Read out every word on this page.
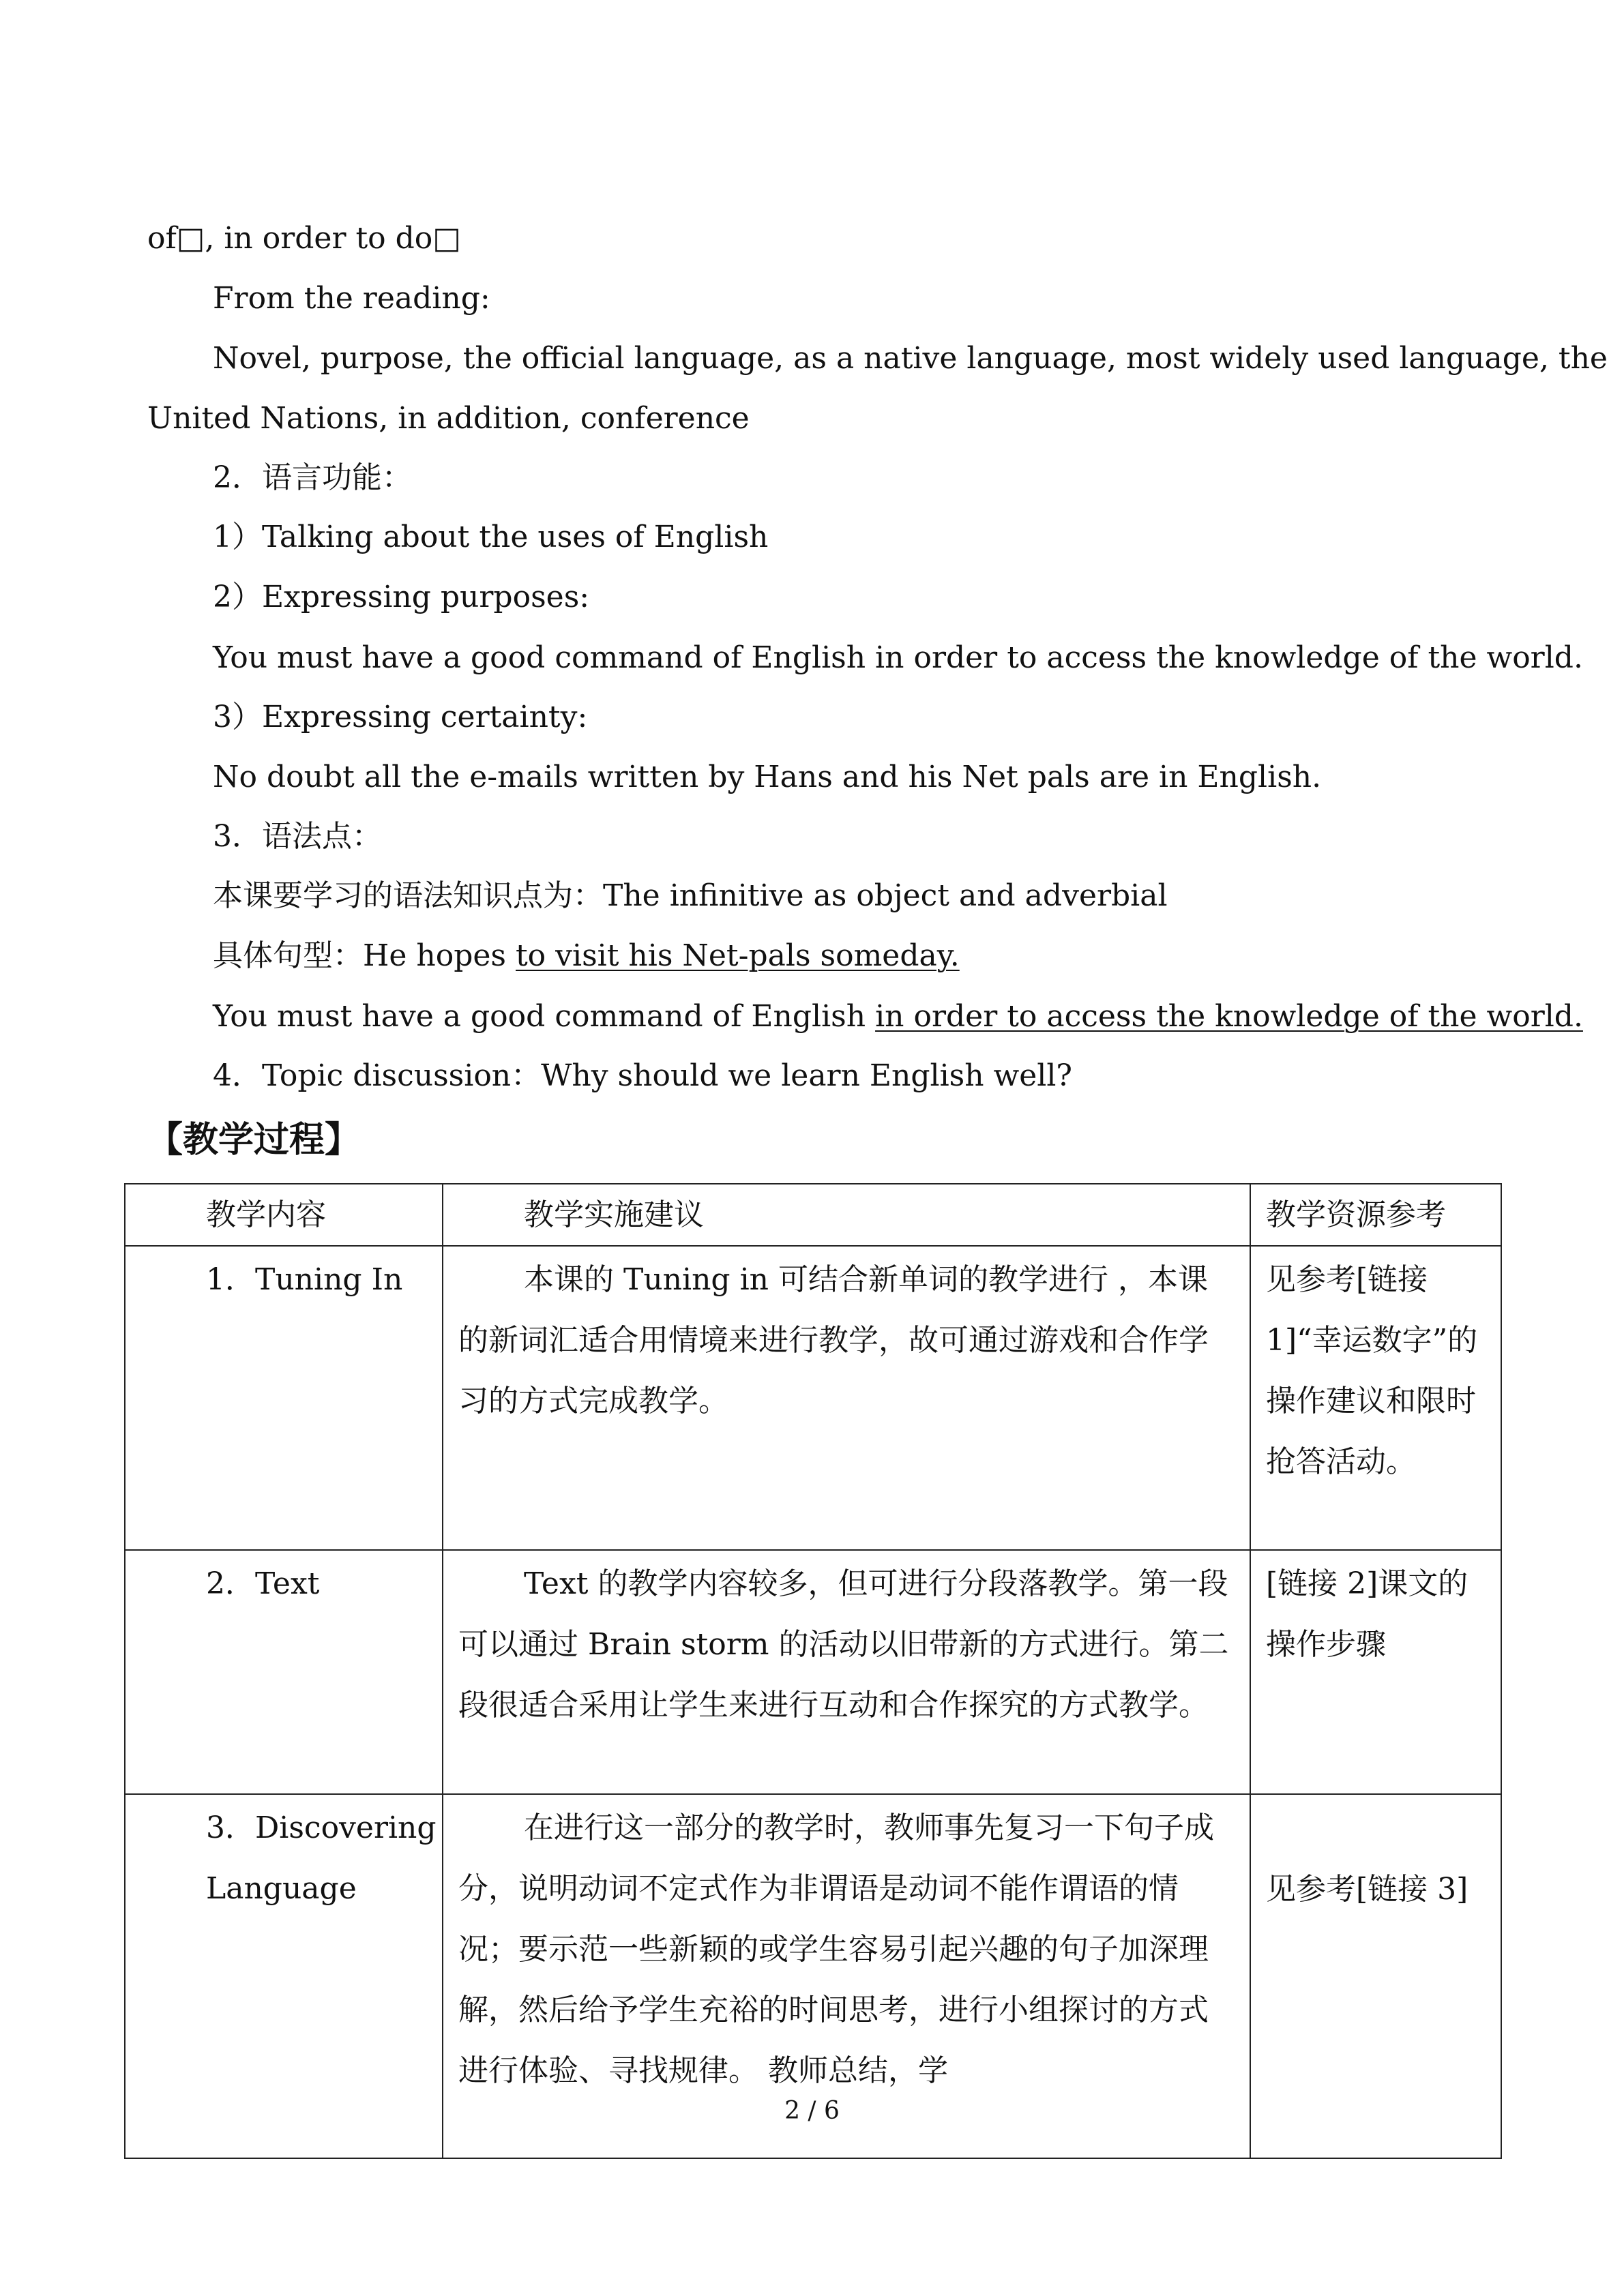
of□, in order to do□
From the reading:
Novel, purpose, the official language, as a native language, most widely used language, the
United Nations, in addition, conference
2．语言功能：
1）Talking about the uses of English
2）Expressing purposes:
You must have a good command of English in order to access the knowledge of the world.
3）Expressing certainty:
No doubt all the e-mails written by Hans and his Net pals are in English.
3．语法点：
本课要学习的语法知识点为：The infinitive as object and adverbial
具体句型：He hopes to visit his Net-pals someday.
You must have a good command of English in order to access the knowledge of the world.
4．Topic discussion：Why should we learn English well?
【教学过程】
教学内容	教学实施建议	教学资源参考
1．Tuning In	本课的 Tuning in 可结合新单词的教学进行 ，本课的新词汇适合用情境来进行教学，故可通过游戏和合作学习的方式完成教学。	见参考[链接 1]“幸运数字”的操作建议和限时抢答活动。
2．Text	Text 的教学内容较多，但可进行分段落教学。第一段可以通过 Brain storm 的活动以旧带新的方式进行。第二段很适合采用让学生来进行互动和合作探究的方式教学。	[链接 2]课文的操作步骤
3．Discovering Language	在进行这一部分的教学时，教师事先复习一下句子成分，说明动词不定式作为非谓语是动词不能作谓语的情况；要示范一些新颖的或学生容易引起兴趣的句子加深理解，然后给予学生充裕的时间思考，进行小组探讨的方式进行体验、寻找规律。 教师总结，学	见参考[链接 3]
2 / 6
